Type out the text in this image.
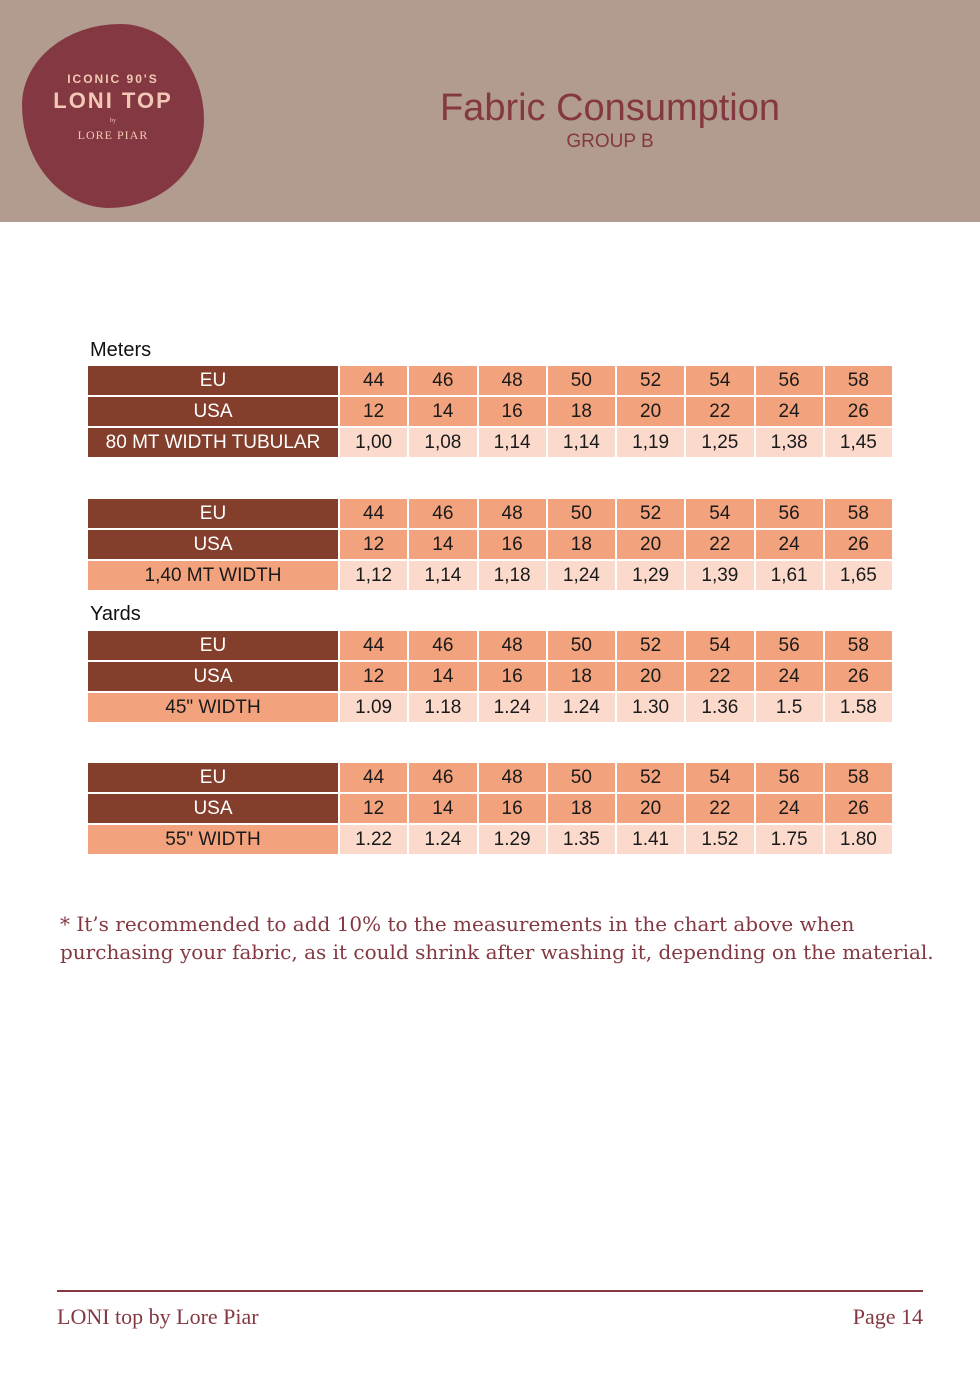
ICONIC 90'S
LONI TOP
by
LORE PIAR
Fabric Consumption
GROUP B
Meters
EU	44	46	48	50	52	54	56	58
USA	12	14	16	18	20	22	24	26
80 MT WIDTH TUBULAR	1,00	1,08	1,14	1,14	1,19	1,25	1,38	1,45
EU	44	46	48	50	52	54	56	58
USA	12	14	16	18	20	22	24	26
1,40 MT WIDTH	1,12	1,14	1,18	1,24	1,29	1,39	1,61	1,65
Yards
EU	44	46	48	50	52	54	56	58
USA	12	14	16	18	20	22	24	26
45" WIDTH	1.09	1.18	1.24	1.24	1.30	1.36	1.5	1.58
EU	44	46	48	50	52	54	56	58
USA	12	14	16	18	20	22	24	26
55" WIDTH	1.22	1.24	1.29	1.35	1.41	1.52	1.75	1.80
* It’s recommended to add 10% to the measurements in the chart above when purchasing your fabric, as it could shrink after washing it, depending on the material.
LONI top by Lore Piar	Page 14
